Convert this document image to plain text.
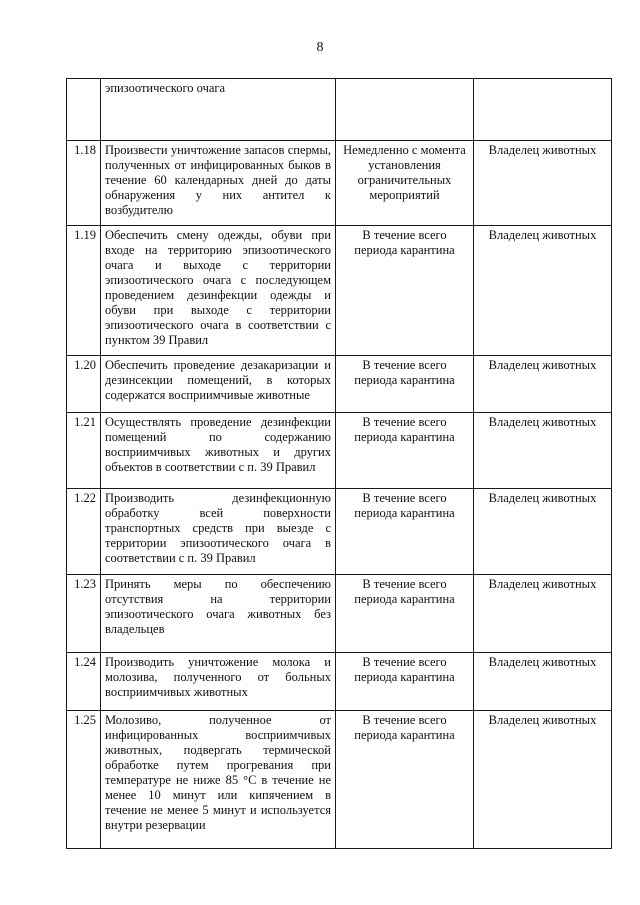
8
	эпизоотического очага		
1.18	Произвести уничтожение запасов спермы, полученных от инфицированных быков в течение 60 календарных дней до даты обнаружения у них антител к возбудителю	Немедленно с момента установления ограничительных мероприятий	Владелец животных
1.19	Обеспечить смену одежды, обуви при входе на территорию эпизоотического очага и выходе с территории эпизоотического очага с последующем проведением дезинфекции одежды и обуви при выходе с территории эпизоотического очага в соответствии с пунктом 39 Правил	В течение всего периода карантина	Владелец животных
1.20	Обеспечить проведение дезакаризации и дезинсекции помещений, в которых содержатся восприимчивые животные	В течение всего периода карантина	Владелец животных
1.21	Осуществлять проведение дезинфекции помещений по содержанию восприимчивых животных и других объектов в соответствии с п. 39 Правил	В течение всего периода карантина	Владелец животных
1.22	Производить дезинфекционную обработку всей поверхности транспортных средств при выезде с территории эпизоотического очага в соответствии с п. 39 Правил	В течение всего периода карантина	Владелец животных
1.23	Принять меры по обеспечению отсутствия на территории эпизоотического очага животных без владельцев	В течение всего периода карантина	Владелец животных
1.24	Производить уничтожение молока и молозива, полученного от больных восприимчивых животных	В течение всего периода карантина	Владелец животных
1.25	Молозиво, полученное от инфицированных восприимчивых животных, подвергать термической обработке путем прогревания при температуре не ниже 85 °С в течение не менее 10 минут или кипячением в течение не менее 5 минут и используется внутри резервации	В течение всего периода карантина	Владелец животных
